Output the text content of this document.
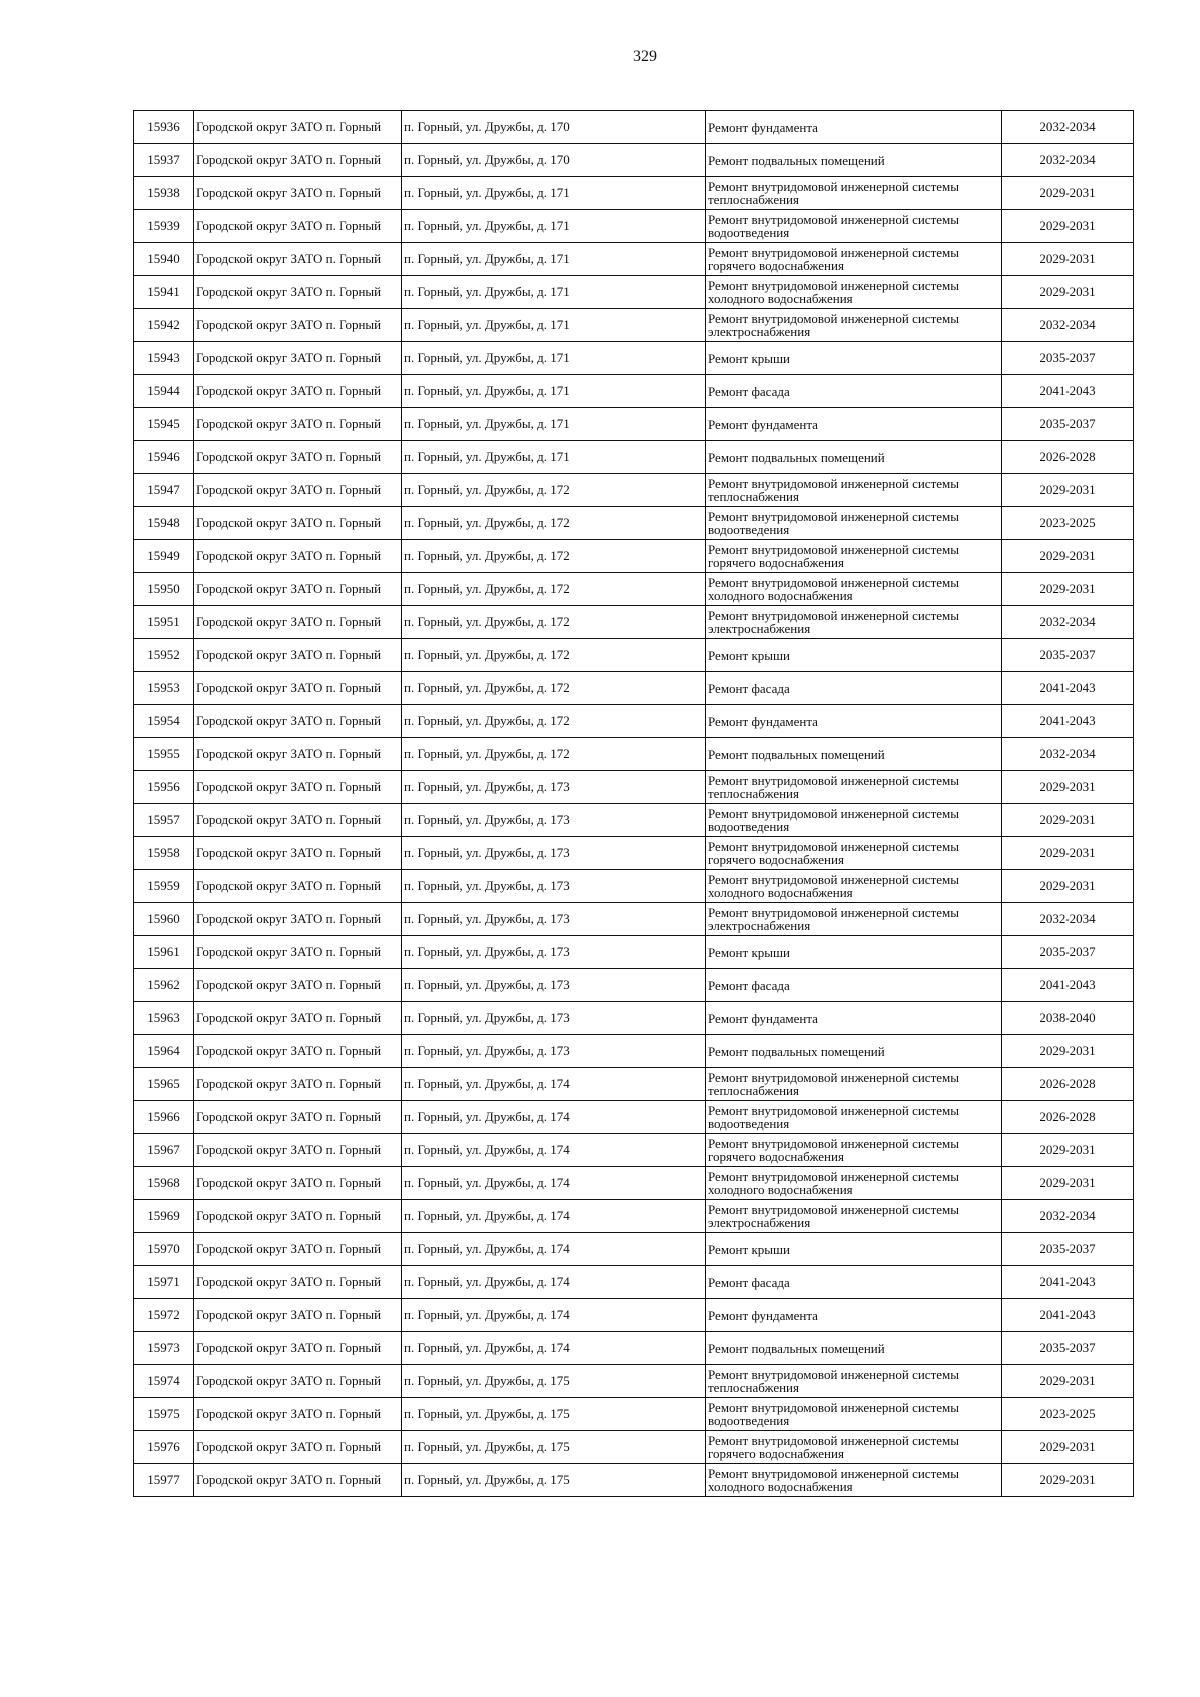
329
15936	Городской округ ЗАТО п. Горный	п. Горный, ул. Дружбы, д. 170	Ремонт фундамента	2032-2034
15937	Городской округ ЗАТО п. Горный	п. Горный, ул. Дружбы, д. 170	Ремонт подвальных помещений	2032-2034
15938	Городской округ ЗАТО п. Горный	п. Горный, ул. Дружбы, д. 171	Ремонт внутридомовой инженерной системы теплоснабжения	2029-2031
15939	Городской округ ЗАТО п. Горный	п. Горный, ул. Дружбы, д. 171	Ремонт внутридомовой инженерной системы водоотведения	2029-2031
15940	Городской округ ЗАТО п. Горный	п. Горный, ул. Дружбы, д. 171	Ремонт внутридомовой инженерной системы горячего водоснабжения	2029-2031
15941	Городской округ ЗАТО п. Горный	п. Горный, ул. Дружбы, д. 171	Ремонт внутридомовой инженерной системы холодного водоснабжения	2029-2031
15942	Городской округ ЗАТО п. Горный	п. Горный, ул. Дружбы, д. 171	Ремонт внутридомовой инженерной системы электроснабжения	2032-2034
15943	Городской округ ЗАТО п. Горный	п. Горный, ул. Дружбы, д. 171	Ремонт крыши	2035-2037
15944	Городской округ ЗАТО п. Горный	п. Горный, ул. Дружбы, д. 171	Ремонт фасада	2041-2043
15945	Городской округ ЗАТО п. Горный	п. Горный, ул. Дружбы, д. 171	Ремонт фундамента	2035-2037
15946	Городской округ ЗАТО п. Горный	п. Горный, ул. Дружбы, д. 171	Ремонт подвальных помещений	2026-2028
15947	Городской округ ЗАТО п. Горный	п. Горный, ул. Дружбы, д. 172	Ремонт внутридомовой инженерной системы теплоснабжения	2029-2031
15948	Городской округ ЗАТО п. Горный	п. Горный, ул. Дружбы, д. 172	Ремонт внутридомовой инженерной системы водоотведения	2023-2025
15949	Городской округ ЗАТО п. Горный	п. Горный, ул. Дружбы, д. 172	Ремонт внутридомовой инженерной системы горячего водоснабжения	2029-2031
15950	Городской округ ЗАТО п. Горный	п. Горный, ул. Дружбы, д. 172	Ремонт внутридомовой инженерной системы холодного водоснабжения	2029-2031
15951	Городской округ ЗАТО п. Горный	п. Горный, ул. Дружбы, д. 172	Ремонт внутридомовой инженерной системы электроснабжения	2032-2034
15952	Городской округ ЗАТО п. Горный	п. Горный, ул. Дружбы, д. 172	Ремонт крыши	2035-2037
15953	Городской округ ЗАТО п. Горный	п. Горный, ул. Дружбы, д. 172	Ремонт фасада	2041-2043
15954	Городской округ ЗАТО п. Горный	п. Горный, ул. Дружбы, д. 172	Ремонт фундамента	2041-2043
15955	Городской округ ЗАТО п. Горный	п. Горный, ул. Дружбы, д. 172	Ремонт подвальных помещений	2032-2034
15956	Городской округ ЗАТО п. Горный	п. Горный, ул. Дружбы, д. 173	Ремонт внутридомовой инженерной системы теплоснабжения	2029-2031
15957	Городской округ ЗАТО п. Горный	п. Горный, ул. Дружбы, д. 173	Ремонт внутридомовой инженерной системы водоотведения	2029-2031
15958	Городской округ ЗАТО п. Горный	п. Горный, ул. Дружбы, д. 173	Ремонт внутридомовой инженерной системы горячего водоснабжения	2029-2031
15959	Городской округ ЗАТО п. Горный	п. Горный, ул. Дружбы, д. 173	Ремонт внутридомовой инженерной системы холодного водоснабжения	2029-2031
15960	Городской округ ЗАТО п. Горный	п. Горный, ул. Дружбы, д. 173	Ремонт внутридомовой инженерной системы электроснабжения	2032-2034
15961	Городской округ ЗАТО п. Горный	п. Горный, ул. Дружбы, д. 173	Ремонт крыши	2035-2037
15962	Городской округ ЗАТО п. Горный	п. Горный, ул. Дружбы, д. 173	Ремонт фасада	2041-2043
15963	Городской округ ЗАТО п. Горный	п. Горный, ул. Дружбы, д. 173	Ремонт фундамента	2038-2040
15964	Городской округ ЗАТО п. Горный	п. Горный, ул. Дружбы, д. 173	Ремонт подвальных помещений	2029-2031
15965	Городской округ ЗАТО п. Горный	п. Горный, ул. Дружбы, д. 174	Ремонт внутридомовой инженерной системы теплоснабжения	2026-2028
15966	Городской округ ЗАТО п. Горный	п. Горный, ул. Дружбы, д. 174	Ремонт внутридомовой инженерной системы водоотведения	2026-2028
15967	Городской округ ЗАТО п. Горный	п. Горный, ул. Дружбы, д. 174	Ремонт внутридомовой инженерной системы горячего водоснабжения	2029-2031
15968	Городской округ ЗАТО п. Горный	п. Горный, ул. Дружбы, д. 174	Ремонт внутридомовой инженерной системы холодного водоснабжения	2029-2031
15969	Городской округ ЗАТО п. Горный	п. Горный, ул. Дружбы, д. 174	Ремонт внутридомовой инженерной системы электроснабжения	2032-2034
15970	Городской округ ЗАТО п. Горный	п. Горный, ул. Дружбы, д. 174	Ремонт крыши	2035-2037
15971	Городской округ ЗАТО п. Горный	п. Горный, ул. Дружбы, д. 174	Ремонт фасада	2041-2043
15972	Городской округ ЗАТО п. Горный	п. Горный, ул. Дружбы, д. 174	Ремонт фундамента	2041-2043
15973	Городской округ ЗАТО п. Горный	п. Горный, ул. Дружбы, д. 174	Ремонт подвальных помещений	2035-2037
15974	Городской округ ЗАТО п. Горный	п. Горный, ул. Дружбы, д. 175	Ремонт внутридомовой инженерной системы теплоснабжения	2029-2031
15975	Городской округ ЗАТО п. Горный	п. Горный, ул. Дружбы, д. 175	Ремонт внутридомовой инженерной системы водоотведения	2023-2025
15976	Городской округ ЗАТО п. Горный	п. Горный, ул. Дружбы, д. 175	Ремонт внутридомовой инженерной системы горячего водоснабжения	2029-2031
15977	Городской округ ЗАТО п. Горный	п. Горный, ул. Дружбы, д. 175	Ремонт внутридомовой инженерной системы холодного водоснабжения	2029-2031
